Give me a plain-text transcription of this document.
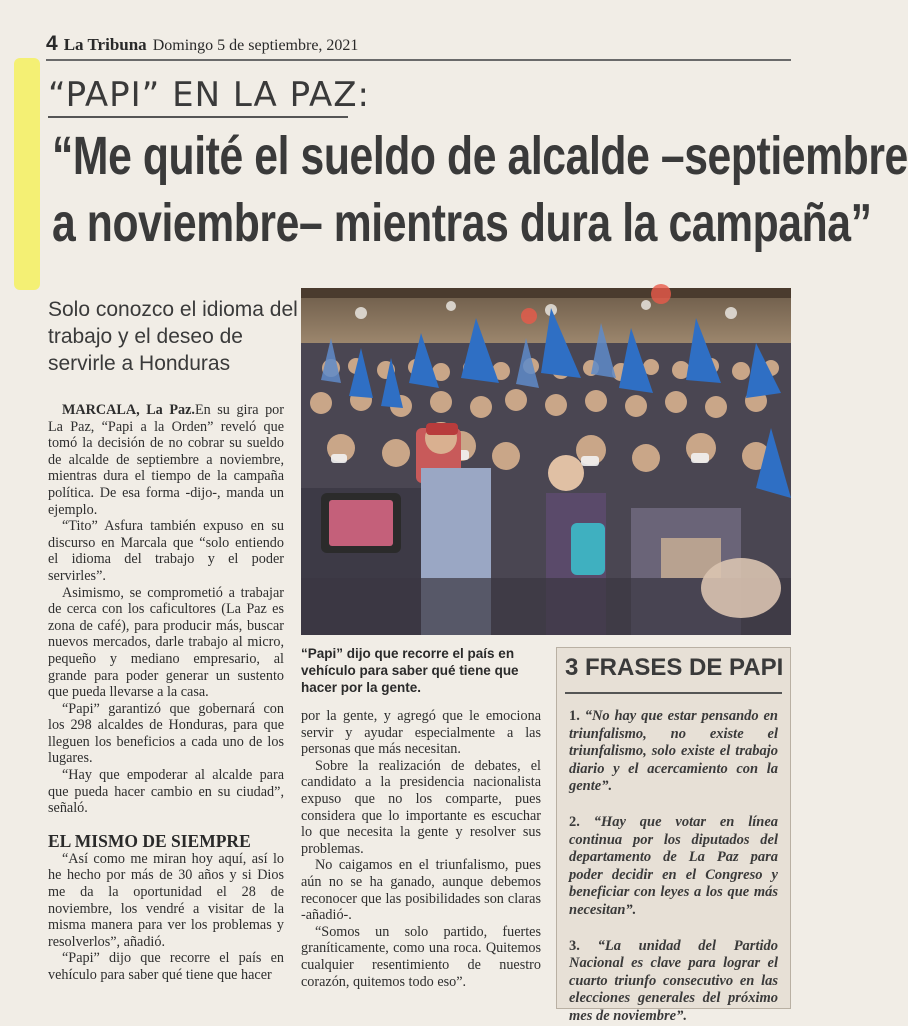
4 La Tribuna Domingo 5 de septiembre, 2021
“PAPI” EN LA PAZ:
“Me quité el sueldo de alcalde –septiembre
a noviembre– mientras dura la campaña”
Solo conozco el idioma del trabajo y el deseo de servirle a Honduras
“Papi” dijo que recorre el país en vehículo para saber qué tiene que hacer por la gente.

MARCALA, La Paz.En su gira por La Paz, “Papi a la Orden” reveló que tomó la decisión de no cobrar su sueldo de alcalde de septiembre a noviembre, mientras dura el tiempo de la campaña política. De esa forma -dijo-, manda un ejemplo.

“Tito” Asfura también expuso en su discurso en Marcala que “solo entiendo el idioma del trabajo y el poder servirles”.

Asimismo, se comprometió a trabajar de cerca con los caficultores (La Paz es zona de café), para producir más, buscar nuevos mercados, darle trabajo al micro, pequeño y mediano empresario, al grande para poder generar un sustento que pueda llevarse a la casa.

“Papi” garantizó que gobernará con los 298 alcaldes de Honduras, para que lleguen los beneficios a cada uno de los lugares.

“Hay que empoderar al alcalde para que pueda hacer cambio en su ciudad”, señaló.

EL MISMO DE SIEMPRE

“Así como me miran hoy aquí, así lo he hecho por más de 30 años y si Dios me da la oportunidad el 28 de noviembre, los vendré a visitar de la misma manera para ver los problemas y resolverlos”, añadió.

“Papi” dijo que recorre el país en vehículo para saber qué tiene que hacer

por la gente, y agregó que le emociona servir y ayudar especialmente a las personas que más necesitan.

Sobre la realización de debates, el candidato a la presidencia nacionalista expuso que no los comparte, pues considera que lo importante es escuchar lo que necesita la gente y resolver sus problemas.

No caigamos en el triunfalismo, pues aún no se ha ganado, aunque debemos reconocer que las posibilidades son claras -añadió-.

“Somos un solo partido, fuertes graníticamente, como una roca. Quitemos cualquier resentimiento de nuestro corazón, quitemos todo eso”.

3 FRASES DE PAPI
1. “No hay que estar pensando en triunfalismo, no existe el triunfalismo, solo existe el trabajo diario y el acercamiento con la gente”.
2. “Hay que votar en línea continua por los diputados del departamento de La Paz para poder decidir en el Congreso y beneficiar con leyes a los que más necesitan”.
3. “La unidad del Partido Nacional es clave para lograr el cuarto triunfo consecutivo en las elecciones generales del próximo mes de noviembre”.
